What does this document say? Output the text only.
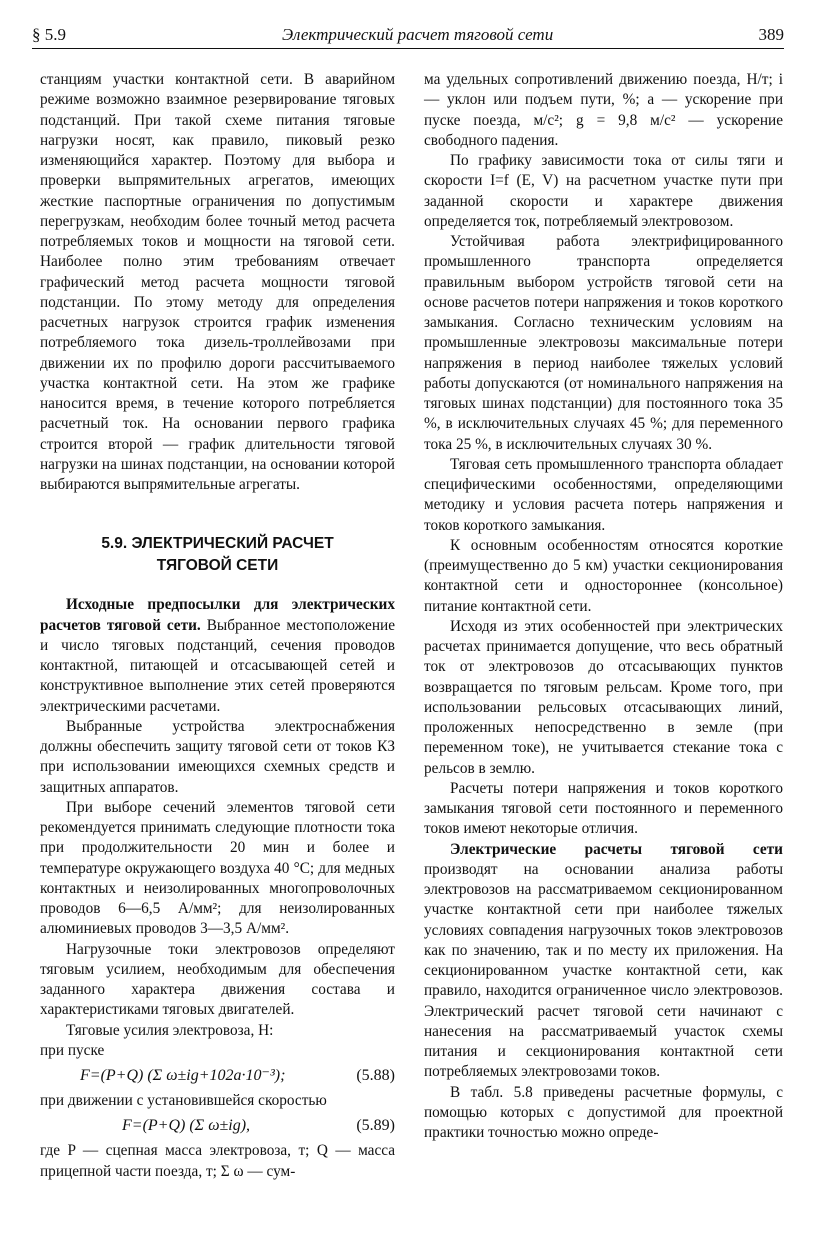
§ 5.9	Электрический расчет тяговой сети	389

станциям участки контактной сети. В аварийном режиме возможно взаимное резервирование тяговых подстанций. При такой схеме питания тяговые нагрузки носят, как правило, пиковый резко изменяющийся характер. Поэтому для выбора и проверки выпрямительных агрегатов, имеющих жесткие паспортные ограничения по допустимым перегрузкам, необходим более точный метод расчета потребляемых токов и мощности на тяговой сети. Наиболее полно этим требованиям отвечает графический метод расчета мощности тяговой подстанции. По этому методу для определения расчетных нагрузок строится график изменения потребляемого тока дизель-троллейвозами при движении их по профилю дороги рассчитываемого участка контактной сети. На этом же графике наносится время, в течение которого потребляется расчетный ток. На основании первого графика строится второй — график длительности тяговой нагрузки на шинах подстанции, на основании которой выбираются выпрямительные агрегаты.

5.9. ЭЛЕКТРИЧЕСКИЙ РАСЧЕТ
ТЯГОВОЙ СЕТИ

Исходные предпосылки для электрических расчетов тяговой сети. Выбранное местоположение и число тяговых подстанций, сечения проводов контактной, питающей и отсасывающей сетей и конструктивное выполнение этих сетей проверяются электрическими расчетами.

Выбранные устройства электроснабжения должны обеспечить защиту тяговой сети от токов КЗ при использовании имеющихся схемных средств и защитных аппаратов.

При выборе сечений элементов тяговой сети рекомендуется принимать следующие плотности тока при продолжительности 20 мин и более и температуре окружающего воздуха 40 °С; для медных контактных и неизолированных многопроволочных проводов 6—6,5 А/мм²; для неизолированных алюминиевых проводов 3—3,5 А/мм².

Нагрузочные токи электровозов определяют тяговым усилием, необходимым для обеспечения заданного характера движения состава и характеристиками тяговых двигателей.

Тяговые усилия электровоза, Н:

при пуске

F=(P+Q) (Σ ω±ig+102a·10⁻³);	(5.88)

при движении с установившейся скоростью

F=(P+Q) (Σ ω±ig),	(5.89)

где P — сцепная масса электровоза, т; Q — масса прицепной части поезда, т; Σ ω — сум-

ма удельных сопротивлений движению поезда, Н/т; i — уклон или подъем пути, %; a — ускорение при пуске поезда, м/с²; g = 9,8 м/с² — ускорение свободного падения.

По графику зависимости тока от силы тяги и скорости I=f (E, V) на расчетном участке пути при заданной скорости и характере движения определяется ток, потребляемый электровозом.

Устойчивая работа электрифицированного промышленного транспорта определяется правильным выбором устройств тяговой сети на основе расчетов потери напряжения и токов короткого замыкания. Согласно техническим условиям на промышленные электровозы максимальные потери напряжения в период наиболее тяжелых условий работы допускаются (от номинального напряжения на тяговых шинах подстанции) для постоянного тока 35 %, в исключительных случаях 45 %; для переменного тока 25 %, в исключительных случаях 30 %.

Тяговая сеть промышленного транспорта обладает специфическими особенностями, определяющими методику и условия расчета потерь напряжения и токов короткого замыкания.

К основным особенностям относятся короткие (преимущественно до 5 км) участки секционирования контактной сети и одностороннее (консольное) питание контактной сети.

Исходя из этих особенностей при электрических расчетах принимается допущение, что весь обратный ток от электровозов до отсасывающих пунктов возвращается по тяговым рельсам. Кроме того, при использовании рельсовых отсасывающих линий, проложенных непосредственно в земле (при переменном токе), не учитывается стекание тока с рельсов в землю.

Расчеты потери напряжения и токов короткого замыкания тяговой сети постоянного и переменного токов имеют некоторые отличия.

Электрические расчеты тяговой сети производят на основании анализа работы электровозов на рассматриваемом секционированном участке контактной сети при наиболее тяжелых условиях совпадения нагрузочных токов электровозов как по значению, так и по месту их приложения. На секционированном участке контактной сети, как правило, находится ограниченное число электровозов. Электрический расчет тяговой сети начинают с нанесения на рассматриваемый участок схемы питания и секционирования контактной сети потребляемых электровозами токов.

В табл. 5.8 приведены расчетные формулы, с помощью которых с допустимой для проектной практики точностью можно опреде-
